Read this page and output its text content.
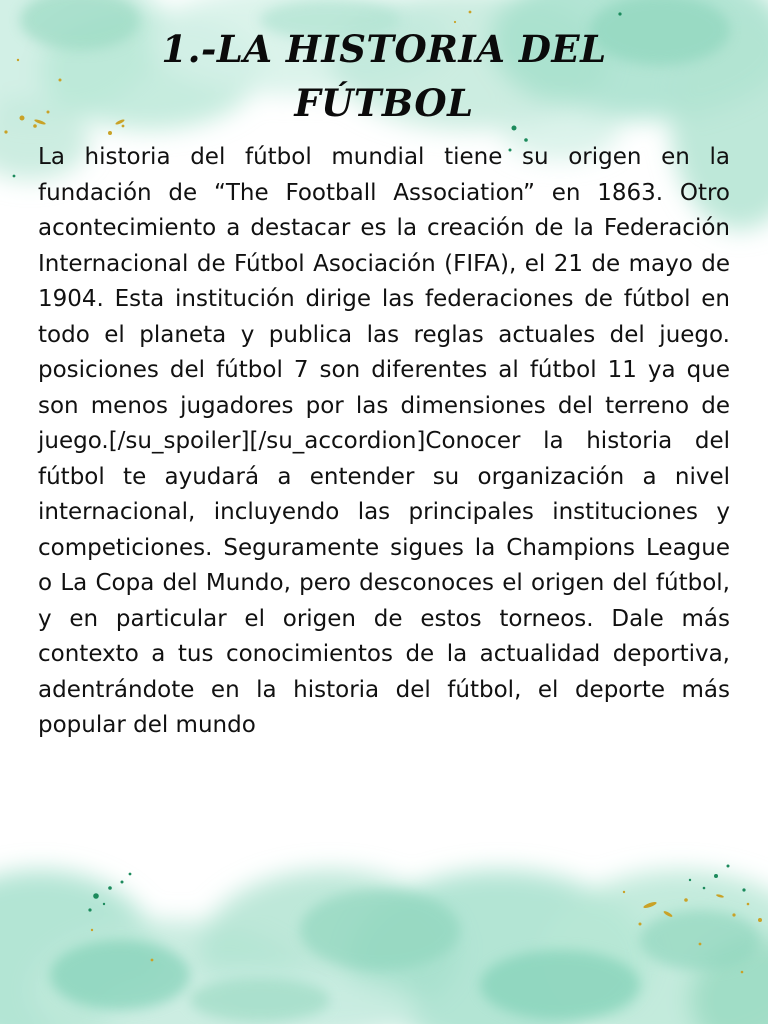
1.-LA HISTORIA DEL
FÚTBOL

La historia del fútbol mundial tiene su origen en la fundación de “The Football Association” en 1863. Otro acontecimiento a destacar es la creación de la Federación Internacional de Fútbol Asociación (FIFA), el 21 de mayo de 1904. Esta institución dirige las federaciones de fútbol en todo el planeta y publica las reglas actuales del juego. posiciones del fútbol 7 son diferentes al fútbol 11 ya que son menos jugadores por las dimensiones del terreno de juego.[/su_spoiler][/su_accordion]Conocer la historia del fútbol te ayudará a entender su organización a nivel internacional, incluyendo las principales instituciones y competiciones. Seguramente sigues la Champions League o La Copa del Mundo, pero desconoces el origen del fútbol, y en particular el origen de estos torneos. Dale más contexto a tus conocimientos de la actualidad deportiva, adentrándote en la historia del fútbol, el deporte más popular del mundo
